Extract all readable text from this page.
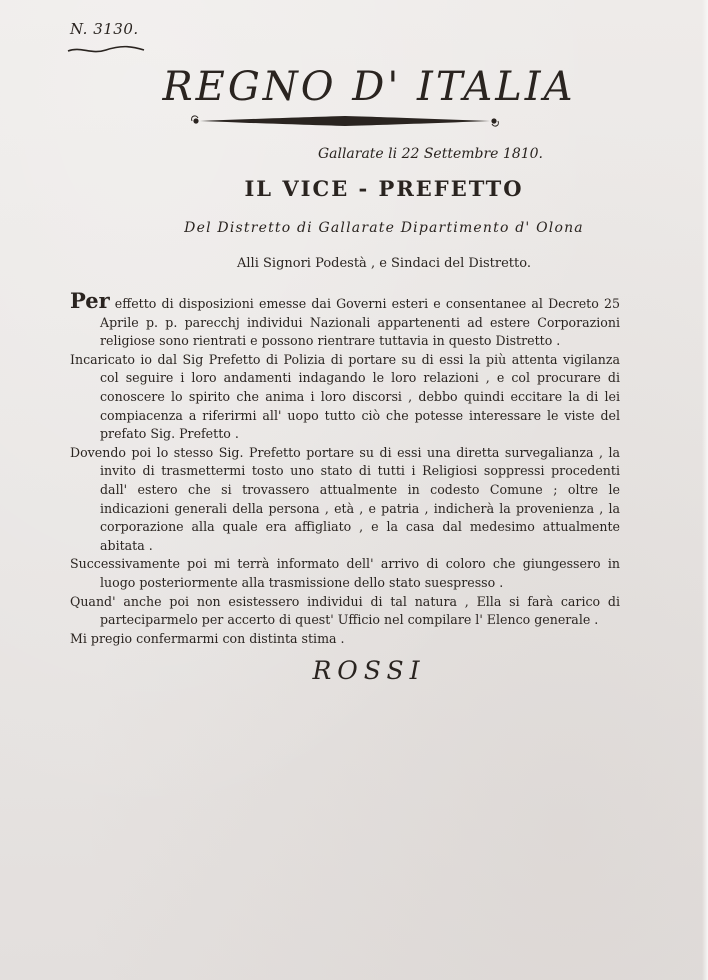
N. 3130.
REGNO D' ITALIA
Gallarate li 22 Settembre 1810.
IL VICE - PREFETTO
Del Distretto di Gallarate Dipartimento d' Olona
Alli Signori Podestà , e Sindaci del Distretto.

Per effetto di disposizioni emesse dai Governi esteri e consentanee al Decreto 25 Aprile p. p. parecchj individui Nazionali appartenenti ad estere Corporazioni religiose sono rientrati e possono rientrare tuttavia in questo Distretto .

Incaricato io dal Sig Prefetto di Polizia di portare su di essi la più attenta vigilanza col seguire i loro andamenti indagando le loro relazioni , e col procurare di conoscere lo spirito che anima i loro discorsi , debbo quindi eccitare la di lei compiacenza a riferirmi all' uopo tutto ciò che potesse interessare le viste del prefato Sig. Prefetto .

Dovendo poi lo stesso Sig. Prefetto portare su di essi una diretta survegalianza , la invito di trasmettermi tosto uno stato di tutti i Religiosi soppressi procedenti dall' estero che si trovassero attualmente in codesto Comune ; oltre le indicazioni generali della persona , età , e patria , indicherà la provenienza , la corporazione alla quale era affigliato , e la casa dal medesimo attualmente abitata .

Successivamente poi mi terrà informato dell' arrivo di coloro che giungessero in luogo posteriormente alla trasmissione dello stato suespresso .

Quand' anche poi non esistessero individui di tal natura , Ella si farà carico di parteciparmelo per accerto di quest' Ufficio nel compilare l' Elenco generale .

Mi pregio confermarmi con distinta stima .

ROSSI
